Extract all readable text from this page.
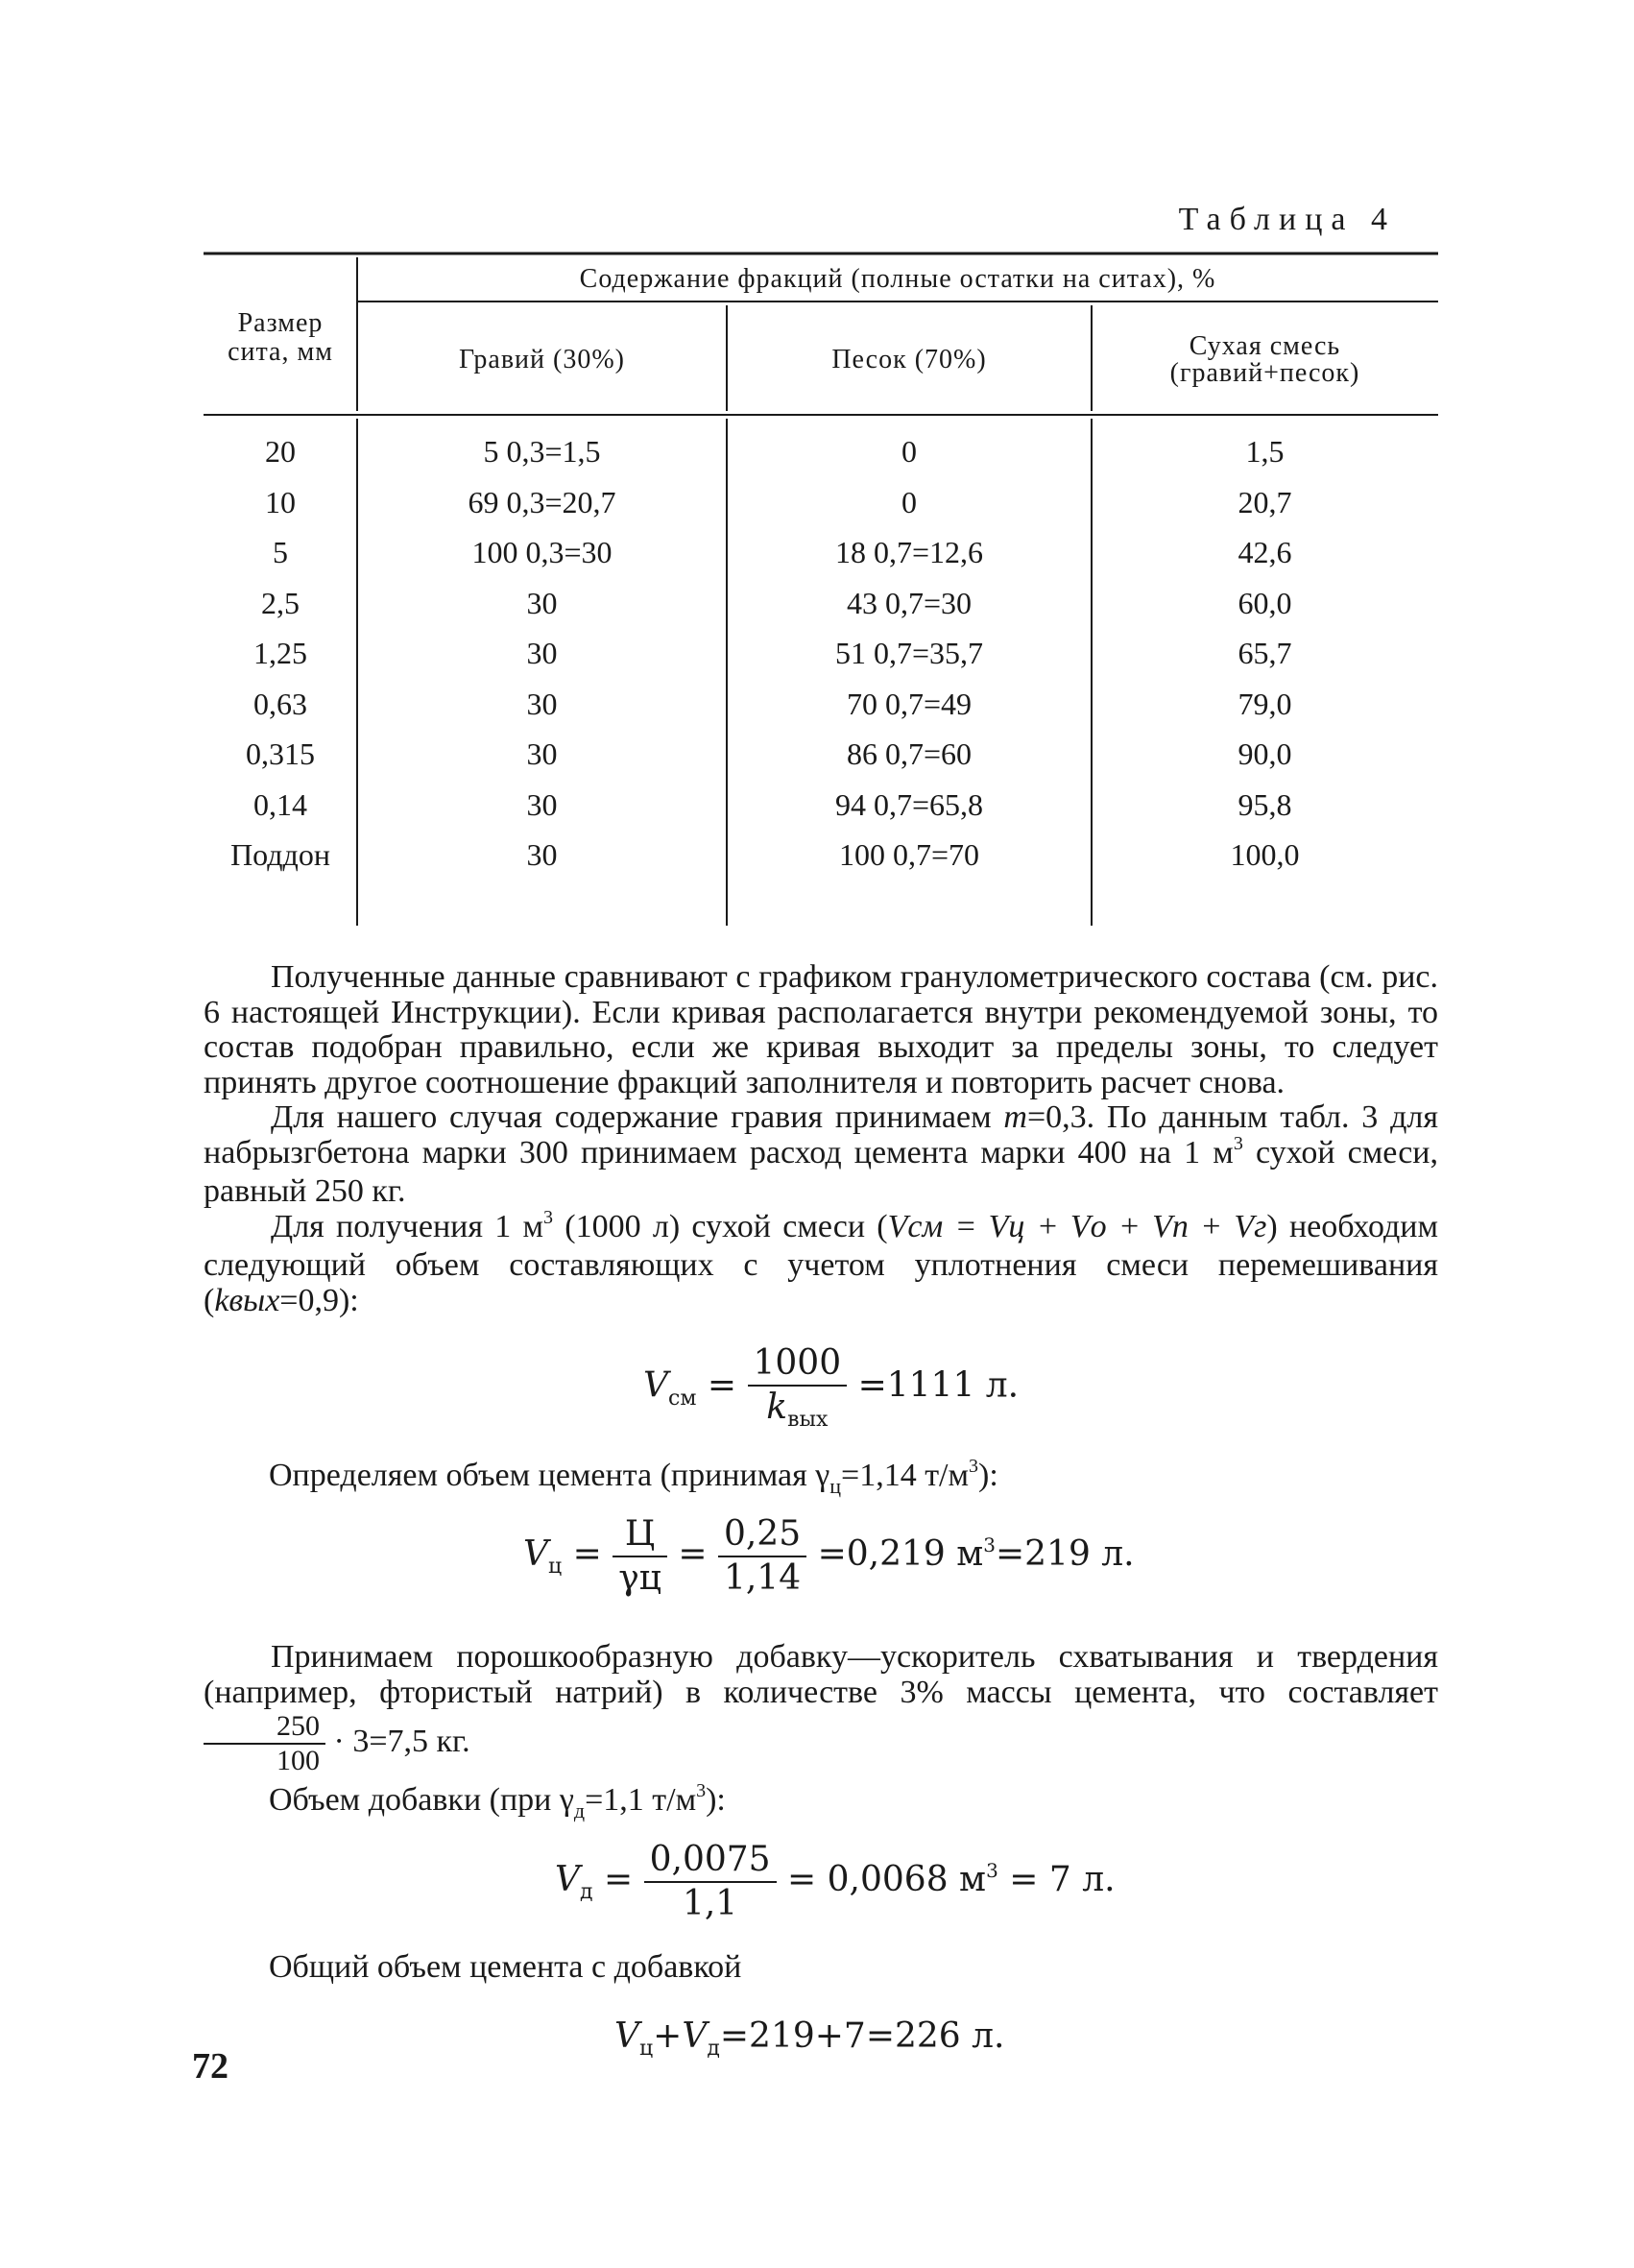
Таблица 4
Размер сита, мм
Содержание фракций (полные остатки на ситах), %
Гравий (30%)	Песок (70%)	Сухая смесь
(гравий+песок)
20	5 0,3=1,5	0	1,5
10	69 0,3=20,7	0	20,7
5	100 0,3=30	18 0,7=12,6	42,6
2,5	30	43 0,7=30	60,0
1,25	30	51 0,7=35,7	65,7
0,63	30	70 0,7=49	79,0
0,315	30	86 0,7=60	90,0
0,14	30	94 0,7=65,8	95,8
Поддон	30	100 0,7=70	100,0

Полученные данные сравнивают с графиком гранулометрического состава (см. рис. 6 настоящей Инструкции). Если кривая располагается внутри рекомендуемой зоны, то состав подобран правильно, если же кривая выходит за пределы зоны, то следует принять другое соотношение фракций заполнителя и повторить расчет снова.

Для нашего случая содержание гравия принимаем m=0,3. По данным табл. 3 для набрызгбетона марки 300 принимаем расход цемента марки 400 на 1 $м^3$ сухой смеси, равный 250 кг.

Для получения 1 $м^3$ (1000 л) сухой смеси (Vсм = Vц + Vо + Vп + Vг) необходим следующий объем составляющих с учетом уплотнения смеси перемешивания (kвых=0,9):

$V_{см} = \frac{1000}{k_{вых}} =1111$ л.
Определяем объем цемента (принимая $\gamma_ц=1,14$ $т/м^3$):
$V_ц = \frac{Ц}{\gamma ц} = \frac{0,25}{1,14} =0,219$ $м^3=219$ л.

Принимаем порошкообразную добавку—ускоритель схватывания и твердения (например, фтористый натрий) в количестве 3% массы цемента, что составляет
$\frac{250}{100} \cdot 3=7,5$ кг.

Объем добавки (при $\gamma_д=1,1$ $т/м^3$):
$V_д = \frac{0,0075}{1,1} = 0,0068$ $м^3 = 7$ л.
Общий объем цемента с добавкой
$V_ц+V_д=219+7=226$ л.
72
